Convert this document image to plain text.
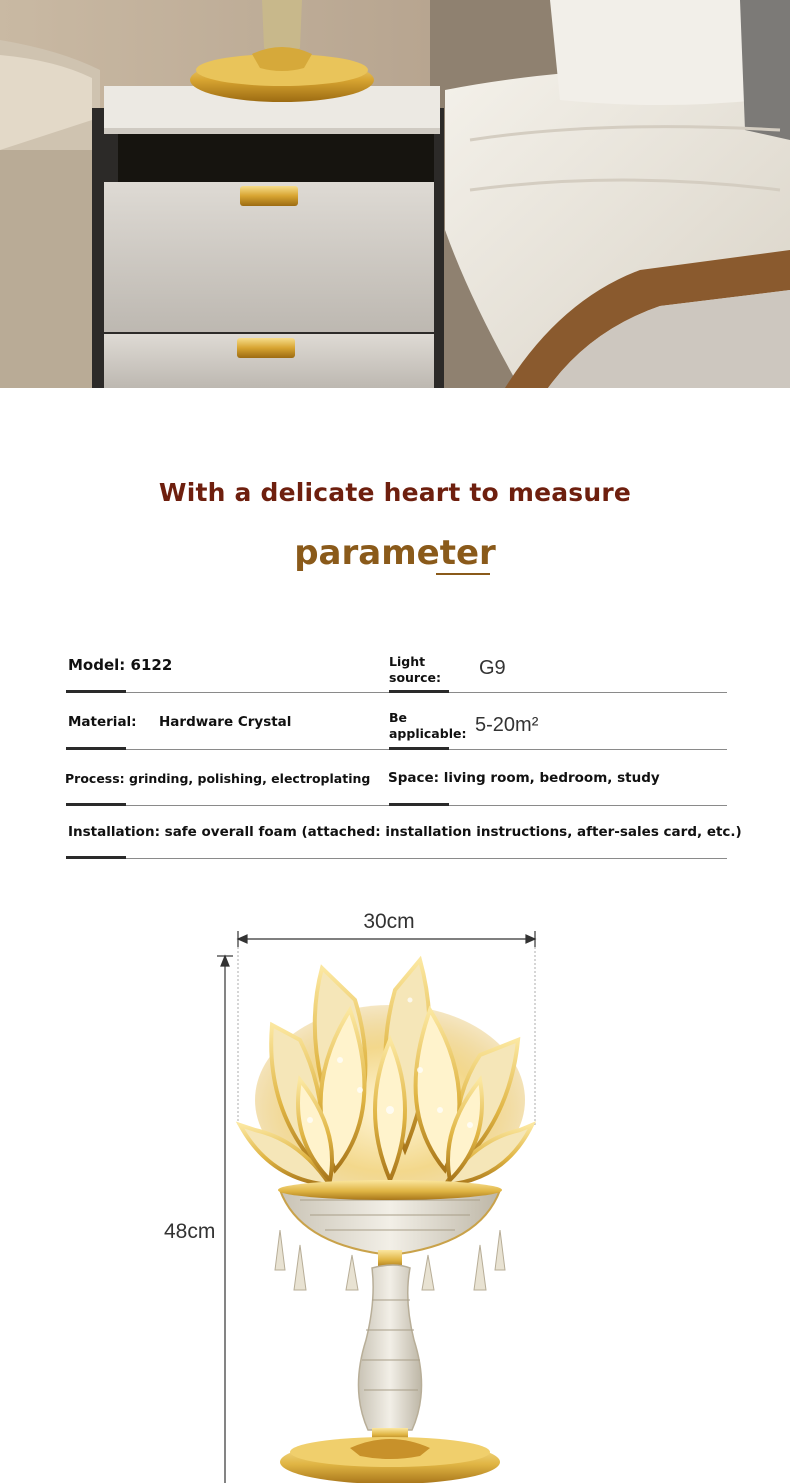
With a delicate heart to measure
parameter
Model: 6122	Light source:	G9
Material: Hardware Crystal	Be applicable: 5-20m²
Process: grinding, polishing, electroplating Space: living room, bedroom, study
Installation: safe overall foam (attached: installation instructions, after-sales card, etc.)
30cm
48cm
